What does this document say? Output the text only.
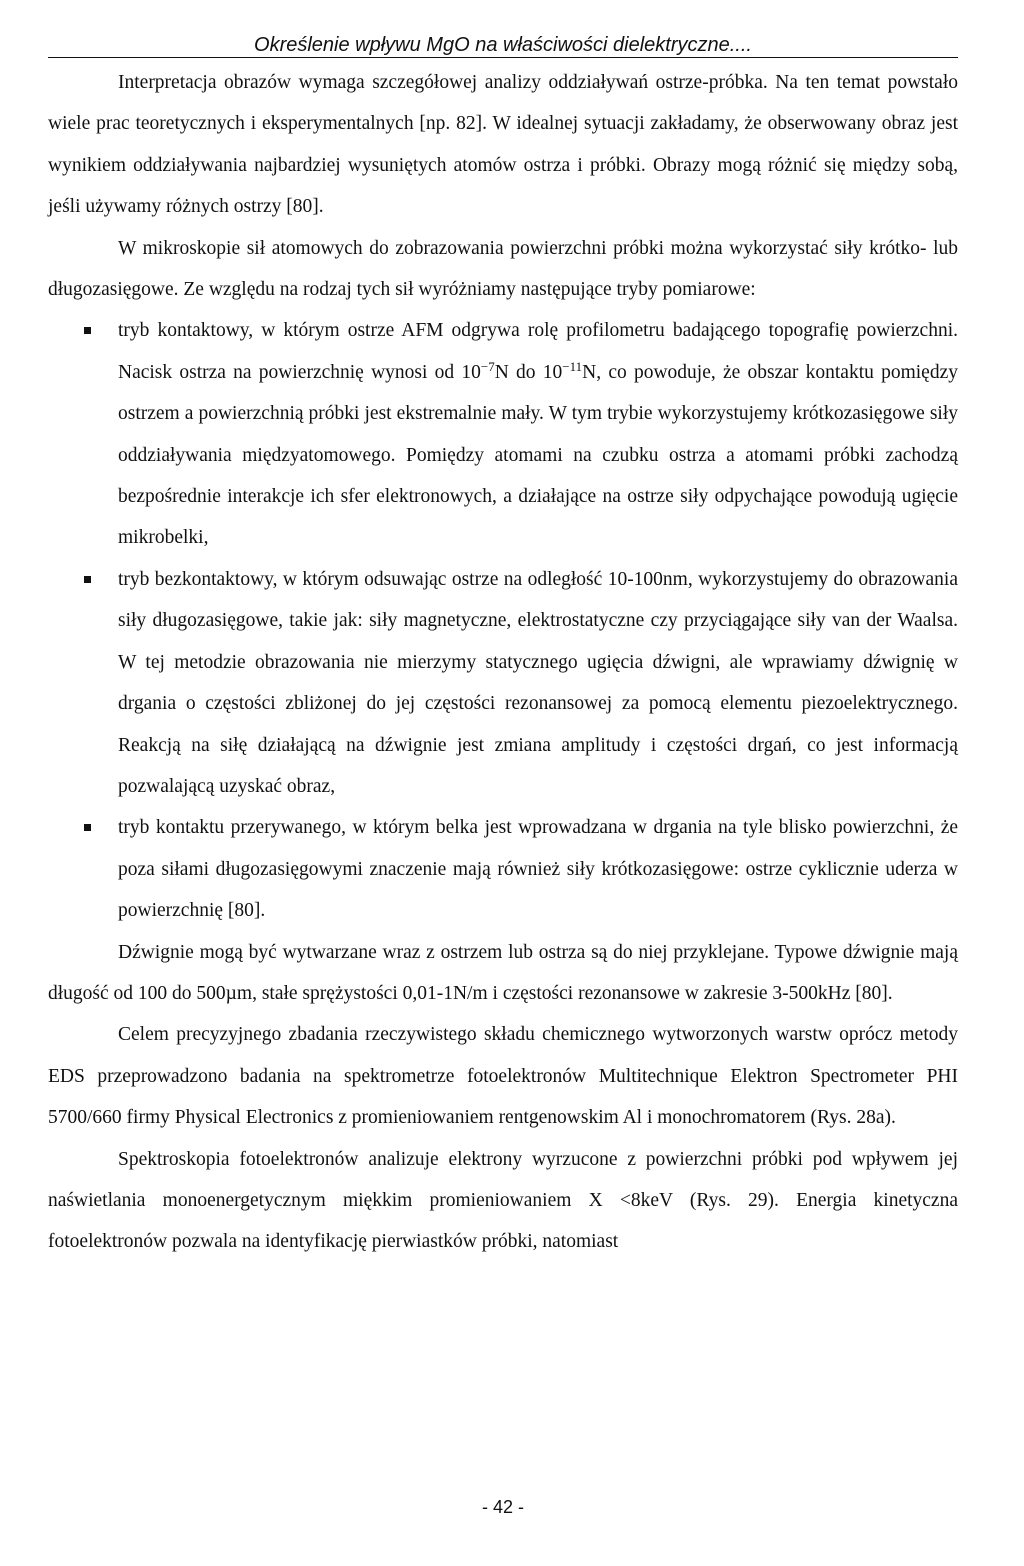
Określenie wpływu MgO na właściwości dielektryczne....

Interpretacja obrazów wymaga szczegółowej analizy oddziaływań ostrze-próbka. Na ten temat powstało wiele prac teoretycznych i eksperymentalnych [np. 82]. W idealnej sytuacji zakładamy, że obserwowany obraz jest wynikiem oddziaływania najbardziej wysuniętych atomów ostrza i próbki. Obrazy mogą różnić się między sobą, jeśli używamy różnych ostrzy [80].

W mikroskopie sił atomowych do zobrazowania powierzchni próbki można wykorzystać siły krótko- lub długozasięgowe. Ze względu na rodzaj tych sił wyróżniamy następujące tryby pomiarowe:

tryb kontaktowy, w którym ostrze AFM odgrywa rolę profilometru badającego topografię powierzchni. Nacisk ostrza na powierzchnię wynosi od $10^{-7}N$ do $10^{-11}N$, co powoduje, że obszar kontaktu pomiędzy ostrzem a powierzchnią próbki jest ekstremalnie mały. W tym trybie wykorzystujemy krótkozasięgowe siły oddziaływania międzyatomowego. Pomiędzy atomami na czubku ostrza a atomami próbki zachodzą bezpośrednie interakcje ich sfer elektronowych, a działające na ostrze siły odpychające powodują ugięcie mikrobelki,
tryb bezkontaktowy, w którym odsuwając ostrze na odległość 10-100nm, wykorzystujemy do obrazowania siły długozasięgowe, takie jak: siły magnetyczne, elektrostatyczne czy przyciągające siły van der Waalsa. W tej metodzie obrazowania nie mierzymy statycznego ugięcia dźwigni, ale wprawiamy dźwignię w drgania o częstości zbliżonej do jej częstości rezonansowej za pomocą elementu piezoelektrycznego. Reakcją na siłę działającą na dźwignie jest zmiana amplitudy i częstości drgań, co jest informacją pozwalającą uzyskać obraz,
tryb kontaktu przerywanego, w którym belka jest wprowadzana w drgania na tyle blisko powierzchni, że poza siłami długozasięgowymi znaczenie mają również siły krótkozasięgowe: ostrze cyklicznie uderza w powierzchnię [80].

Dźwignie mogą być wytwarzane wraz z ostrzem lub ostrza są do niej przyklejane. Typowe dźwignie mają długość od 100 do 500µm, stałe sprężystości 0,01-1N/m i częstości rezonansowe w zakresie 3-500kHz [80].

Celem precyzyjnego zbadania rzeczywistego składu chemicznego wytworzonych warstw oprócz metody EDS przeprowadzono badania na spektrometrze fotoelektronów Multitechnique Elektron Spectrometer PHI 5700/660 firmy Physical Electronics z promieniowaniem rentgenowskim Al i monochromatorem (Rys. 28a).

Spektroskopia fotoelektronów analizuje elektrony wyrzucone z powierzchni próbki pod wpływem jej naświetlania monoenergetycznym miękkim promieniowaniem X <8keV (Rys. 29). Energia kinetyczna fotoelektronów pozwala na identyfikację pierwiastków próbki, natomiast

- 42 -
